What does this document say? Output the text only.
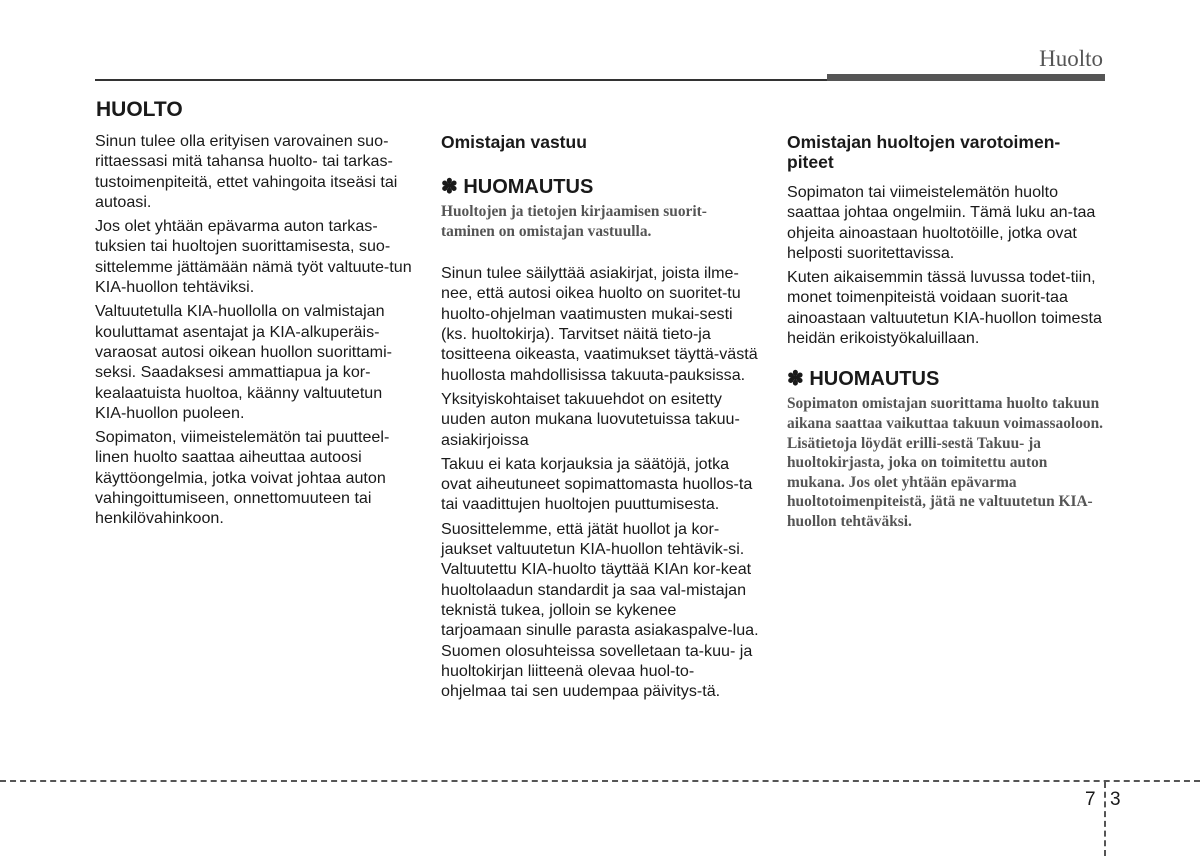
Huolto
HUOLTO

Sinun tulee olla erityisen varovainen suo-rittaessasi mitä tahansa huolto- tai tarkas-tustoimenpiteitä, ettet vahingoita itseäsi tai autoasi.

Jos olet yhtään epävarma auton tarkas-tuksien tai huoltojen suorittamisesta, suo-sittelemme jättämään nämä työt valtuute-tun KIA-huollon tehtäviksi.

Valtuutetulla KIA-huollolla on valmistajan kouluttamat asentajat ja KIA-alkuperäis-varaosat autosi oikean huollon suorittami-seksi. Saadaksesi ammattiapua ja kor-kealaatuista huoltoa, käänny valtuutetun KIA-huollon puoleen.

Sopimaton, viimeistelemätön tai puutteel-linen huolto saattaa aiheuttaa autoosi käyttöongelmia, jotka voivat johtaa auton vahingoittumiseen, onnettomuuteen tai henkilövahinkoon.

Omistajan vastuu

✽ HUOMAUTUS

Huoltojen ja tietojen kirjaamisen suorit-taminen on omistajan vastuulla.

Sinun tulee säilyttää asiakirjat, joista ilme-nee, että autosi oikea huolto on suoritet-tu huolto-ohjelman vaatimusten mukai-sesti (ks. huoltokirja). Tarvitset näitä tieto-ja tositteena oikeasta, vaatimukset täyttä-västä huollosta mahdollisissa takuuta-pauksissa.

Yksityiskohtaiset takuuehdot on esitetty uuden auton mukana luovutetuissa takuu-asiakirjoissa

Takuu ei kata korjauksia ja säätöjä, jotka ovat aiheutuneet sopimattomasta huollos-ta tai vaadittujen huoltojen puuttumisesta.

Suosittelemme, että jätät huollot ja kor-jaukset valtuutetun KIA-huollon tehtävik-si. Valtuutettu KIA-huolto täyttää KIAn kor-keat huoltolaadun standardit ja saa val-mistajan teknistä tukea, jolloin se kykenee tarjoamaan sinulle parasta asiakaspalve-lua. Suomen olosuhteissa sovelletaan ta-kuu- ja huoltokirjan liitteenä olevaa huol-to-ohjelmaa tai sen uudempaa päivitys-tä.

Omistajan huoltojen varotoimen-piteet

Sopimaton tai viimeistelemätön huolto saattaa johtaa ongelmiin. Tämä luku an-taa ohjeita ainoastaan huoltotöille, jotka ovat helposti suoritettavissa.

Kuten aikaisemmin tässä luvussa todet-tiin, monet toimenpiteistä voidaan suorit-taa ainoastaan valtuutetun KIA-huollon toimesta heidän erikoistyökaluillaan.

✽ HUOMAUTUS

Sopimaton omistajan suorittama huolto takuun aikana saattaa vaikuttaa takuun voimassaoloon. Lisätietoja löydät erilli-sestä Takuu- ja huoltokirjasta, joka on toimitettu auton mukana. Jos olet yhtään epävarma huoltotoimenpiteistä, jätä ne valtuutetun KIA-huollon tehtäväksi.

7 3
